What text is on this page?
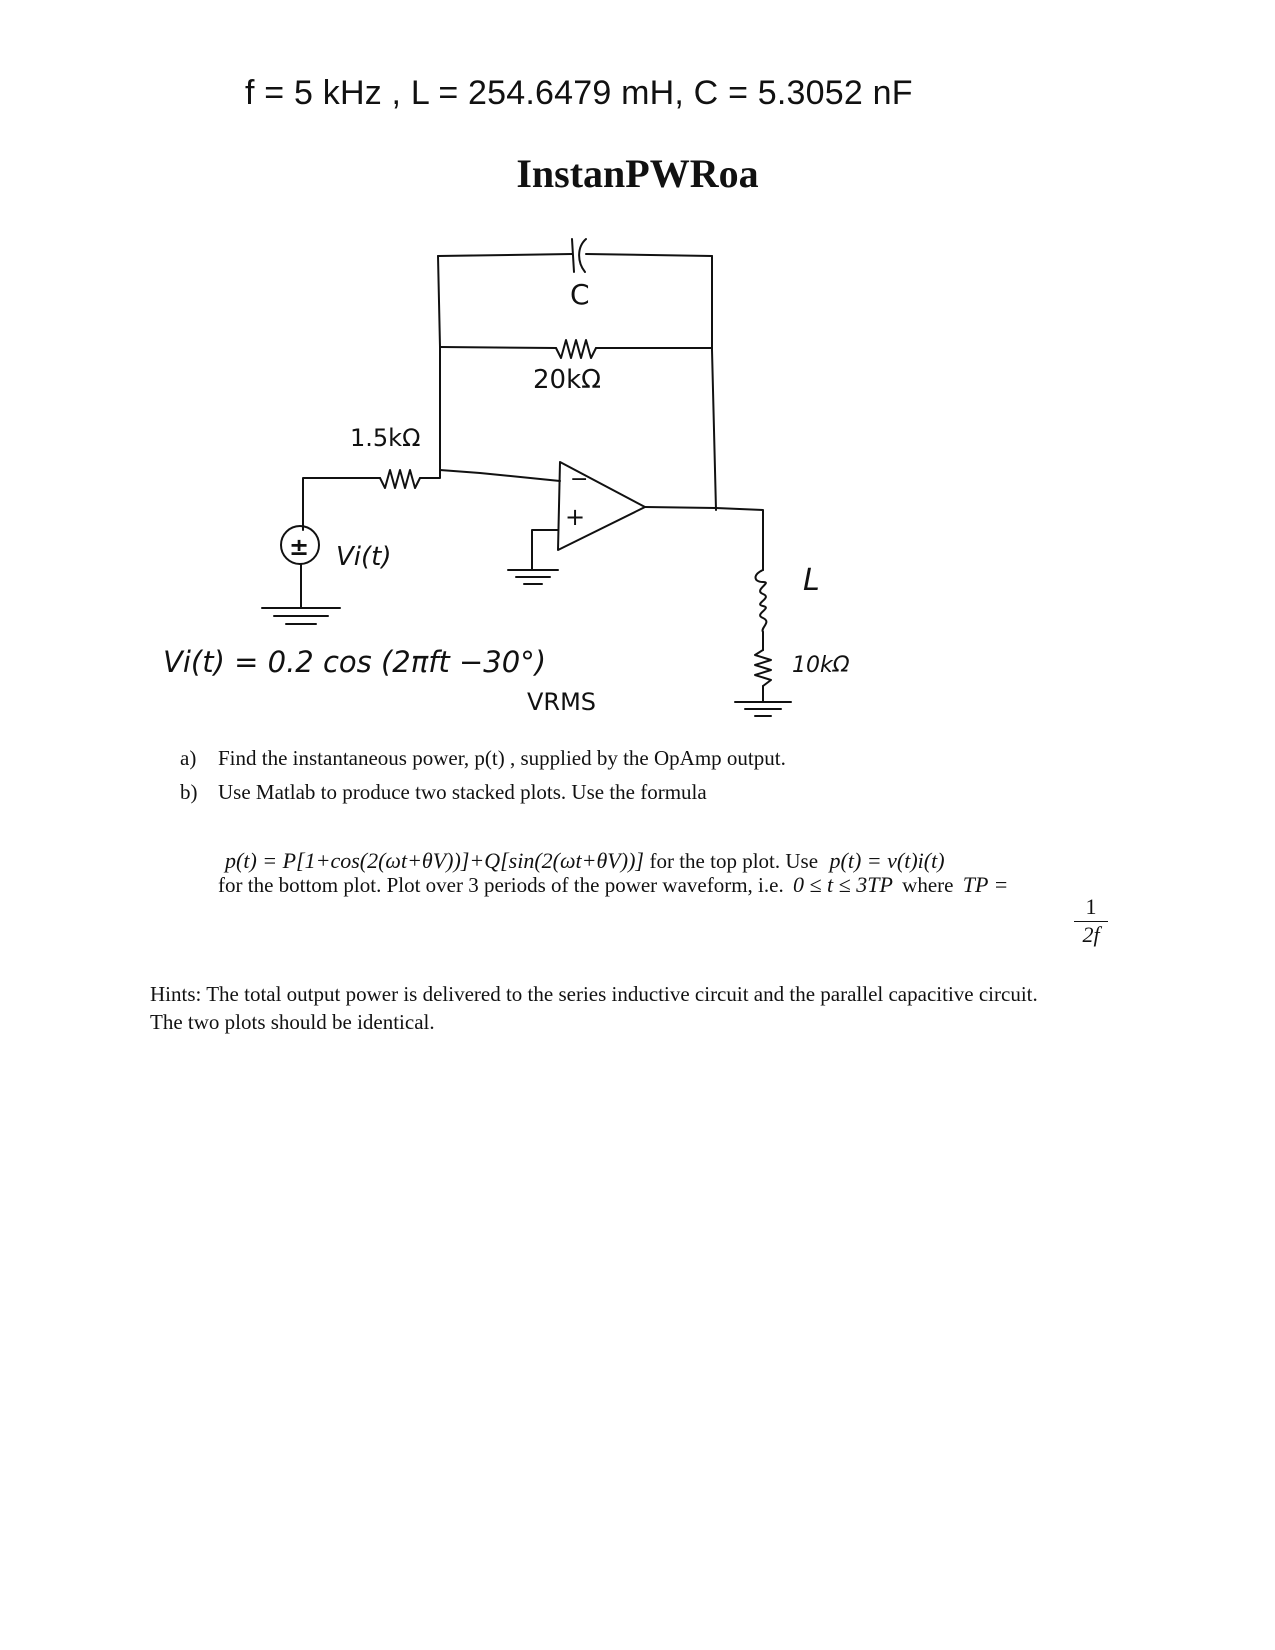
f = 5 kHz , L = 254.6479 mH, C = 5.3052 nF
InstanPWRoa
C
20kΩ
1.5kΩ
± Vi(t)
−
+
L
10kΩ
Vi(t) = 0.2 cos (2πft −30°)
VRMS
a) Find the instantaneous power, p(t) , supplied by the OpAmp output.
b) Use Matlab to produce two stacked plots. Use the formula
p(t) = P[1+cos(2(ωt+θV))]+Q[sin(2(ωt+θV))] for the top plot. Use p(t) = v(t)i(t)
for the bottom plot. Plot over 3 periods of the power waveform, i.e. 0 ≤ t ≤ 3TP where TP =
$\frac{1}{2f}$
Hints: The total output power is delivered to the series inductive circuit and the parallel capacitive circuit.
The two plots should be identical.
